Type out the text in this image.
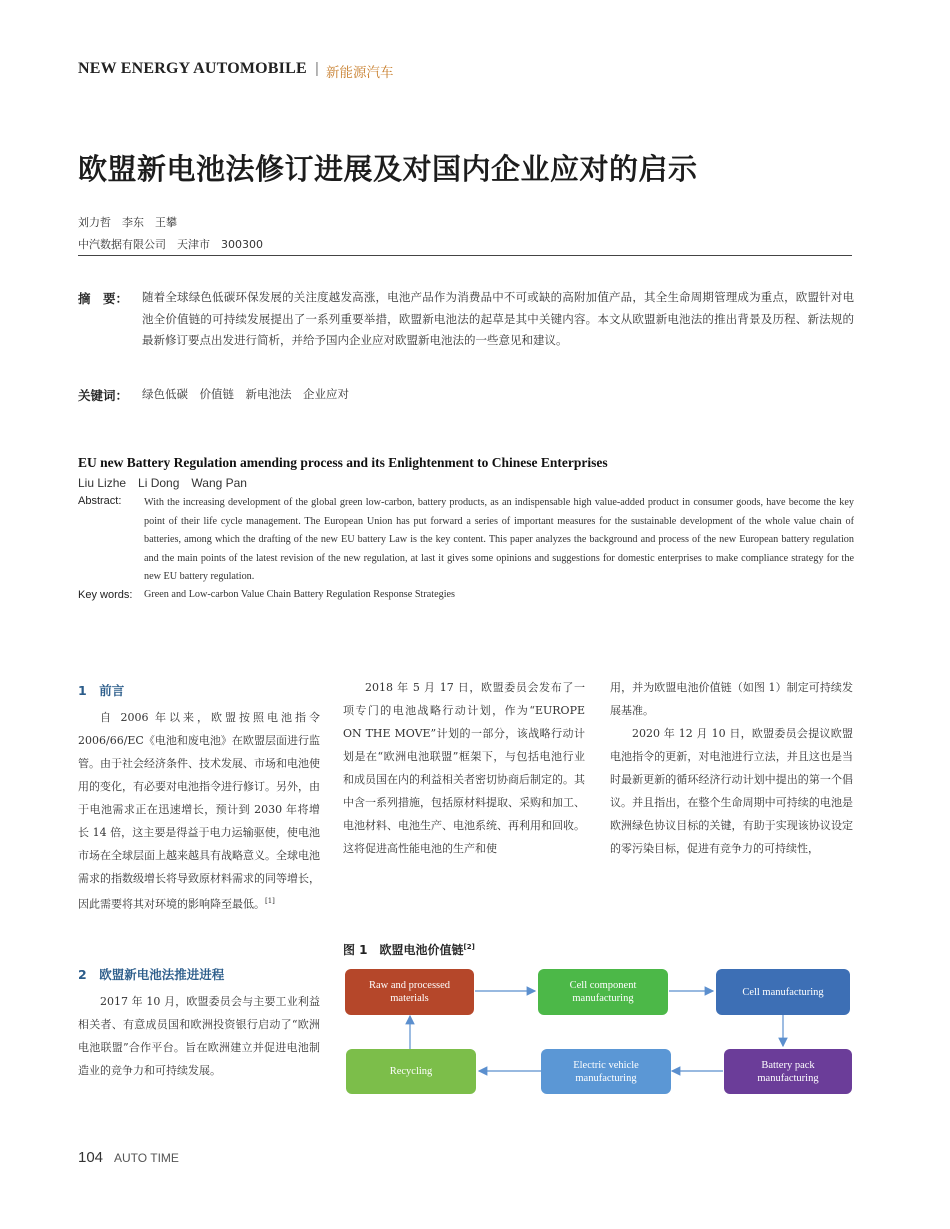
NEW ENERGY AUTOMOBILE | 新能源汽车
欧盟新电池法修订进展及对国内企业应对的启示
刘力哲　李东　王攀
中汽数据有限公司　天津市　300300
摘　要： 随着全球绿色低碳环保发展的关注度越发高涨，电池产品作为消费品中不可或缺的高附加值产品，其全生命周期管理成为重点，欧盟针对电池全价值链的可持续发展提出了一系列重要举措，欧盟新电池法的起草是其中关键内容。本文从欧盟新电池法的推出背景及历程、新法规的最新修订要点出发进行简析，并给予国内企业应对欧盟新电池法的一些意见和建议。
关键词： 绿色低碳　价值链　新电池法　企业应对
EU new Battery Regulation amending process and its Enlightenment to Chinese Enterprises
Liu Lizhe　Li Dong　Wang Pan
Abstract: With the increasing development of the global green low-carbon, battery products, as an indispensable high value-added product in consumer goods, have become the key point of their life cycle management. The European Union has put forward a series of important measures for the sustainable development of the whole value chain of batteries, among which the drafting of the new EU battery Law is the key content. This paper analyzes the background and process of the new European battery regulation and the main points of the latest revision of the new regulation, at last it gives some opinions and suggestions for domestic enterprises to make compliance strategy for the new EU battery regulation.
Key words: Green and Low-carbon Value Chain Battery Regulation Response Strategies
1　前言

自 2006 年以来，欧盟按照电池指令 2006/66/EC《电池和废电池》在欧盟层面进行监管。由于社会经济条件、技术发展、市场和电池使用的变化，有必要对电池指令进行修订。另外，由于电池需求正在迅速增长，预计到 2030 年将增长 14 倍，这主要是得益于电力运输驱使，使电池市场在全球层面上越来越具有战略意义。全球电池需求的指数级增长将导致原材料需求的同等增长，因此需要将其对环境的影响降至最低。[1]

2　欧盟新电池法推进进程

2017 年 10 月，欧盟委员会与主要工业利益相关者、有意成员国和欧洲投资银行启动了“欧洲电池联盟”合作平台。旨在欧洲建立并促进电池制造业的竞争力和可持续发展。

2018 年 5 月 17 日，欧盟委员会发布了一项专门的电池战略行动计划，作为“EUROPE ON THE MOVE”计划的一部分，该战略行动计划是在“欧洲电池联盟”框架下，与包括电池行业和成员国在内的利益相关者密切协商后制定的。其中含一系列措施，包括原材料提取、采购和加工、电池材料、电池生产、电池系统、再利用和回收。这将促进高性能电池的生产和使

用，并为欧盟电池价值链（如图 1）制定可持续发展基准。

2020 年 12 月 10 日，欧盟委员会提议欧盟电池指令的更新，对电池进行立法，并且这也是当时最新更新的循环经济行动计划中提出的第一个倡议。并且指出，在整个生命周期中可持续的电池是欧洲绿色协议目标的关键，有助于实现该协议设定的零污染目标，促进有竞争力的可持续性，

图 1　欧盟电池价值链[2]
Raw and processed materials
Cell component manufacturing
Cell manufacturing
Battery pack manufacturing
Electric vehicle manufacturing
Recycling
104 AUTO TIME
